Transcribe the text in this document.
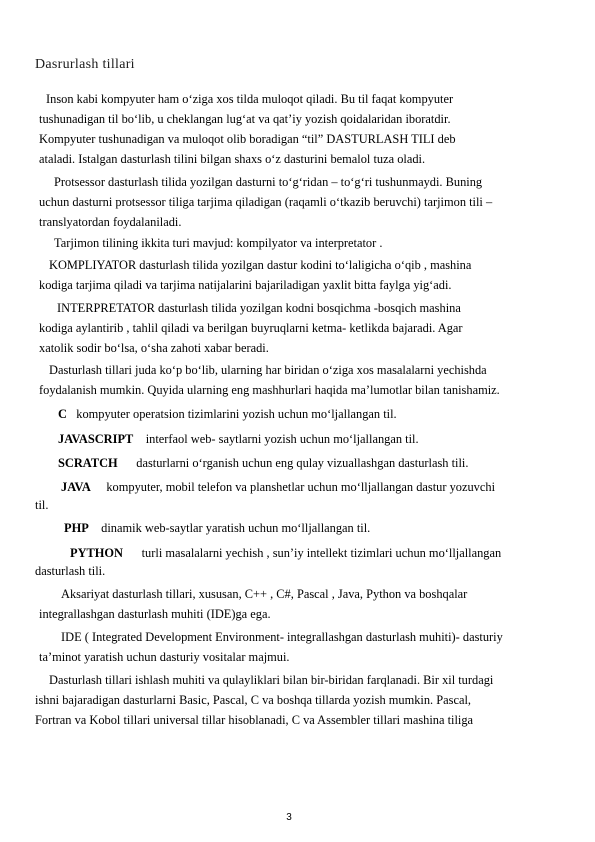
Dasrurlash tillari
Inson kabi kompyuter ham o‘ziga xos tilda muloqot qiladi. Bu til faqat kompyuter
tushunadigan til bo‘lib, u cheklangan lug‘at va qat’iy yozish qoidalaridan iboratdir.
Kompyuter tushunadigan va muloqot olib boradigan “til” DASTURLASH TILI deb
ataladi. Istalgan dasturlash tilini bilgan shaxs o‘z dasturini bemalol tuza oladi.
Protsessor dasturlash tilida yozilgan dasturni to‘g‘ridan – to‘g‘ri tushunmaydi. Buning
uchun dasturni protsessor tiliga tarjima qiladigan (raqamli o‘tkazib beruvchi) tarjimon tili –
translyatordan foydalaniladi.
Tarjimon tilining ikkita turi mavjud: kompilyator va interpretator .
KOMPLIYATOR dasturlash tilida yozilgan dastur kodini to‘laligicha o‘qib , mashina
kodiga tarjima qiladi va tarjima natijalarini bajariladigan yaxlit bitta faylga yig‘adi.
INTERPRETATOR dasturlash tilida yozilgan kodni bosqichma -bosqich mashina
kodiga aylantirib , tahlil qiladi va berilgan buyruqlarni ketma- ketlikda bajaradi. Agar
xatolik sodir bo‘lsa, o‘sha zahoti xabar beradi.
Dasturlash tillari juda ko‘p bo‘lib, ularning har biridan o‘ziga xos masalalarni yechishda
foydalanish mumkin. Quyida ularning eng mashhurlari haqida ma’lumotlar bilan tanishamiz.
C kompyuter operatsion tizimlarini yozish uchun mo‘ljallangan til.
JAVASCRIPT interfaol web- saytlarni yozish uchun mo‘ljallangan til.
SCRATCH dasturlarni o‘rganish uchun eng qulay vizuallashgan dasturlash tili.
JAVA kompyuter, mobil telefon va planshetlar uchun mo‘lljallangan dastur yozuvchi
til.
PHP dinamik web-saytlar yaratish uchun mo‘lljallangan til.
PYTHON turli masalalarni yechish , sun’iy intellekt tizimlari uchun mo‘lljallangan
dasturlash tili.
Aksariyat dasturlash tillari, xususan, C++ , C#, Pascal , Java, Python va boshqalar
integrallashgan dasturlash muhiti (IDE)ga ega.
IDE ( Integrated Development Environment- integrallashgan dasturlash muhiti)- dasturiy
ta’minot yaratish uchun dasturiy vositalar majmui.
Dasturlash tillari ishlash muhiti va qulayliklari bilan bir-biridan farqlanadi. Bir xil turdagi
ishni bajaradigan dasturlarni Basic, Pascal, C va boshqa tillarda yozish mumkin. Pascal,
Fortran va Kobol tillari universal tillar hisoblanadi, C va Assembler tillari mashina tiliga
3
